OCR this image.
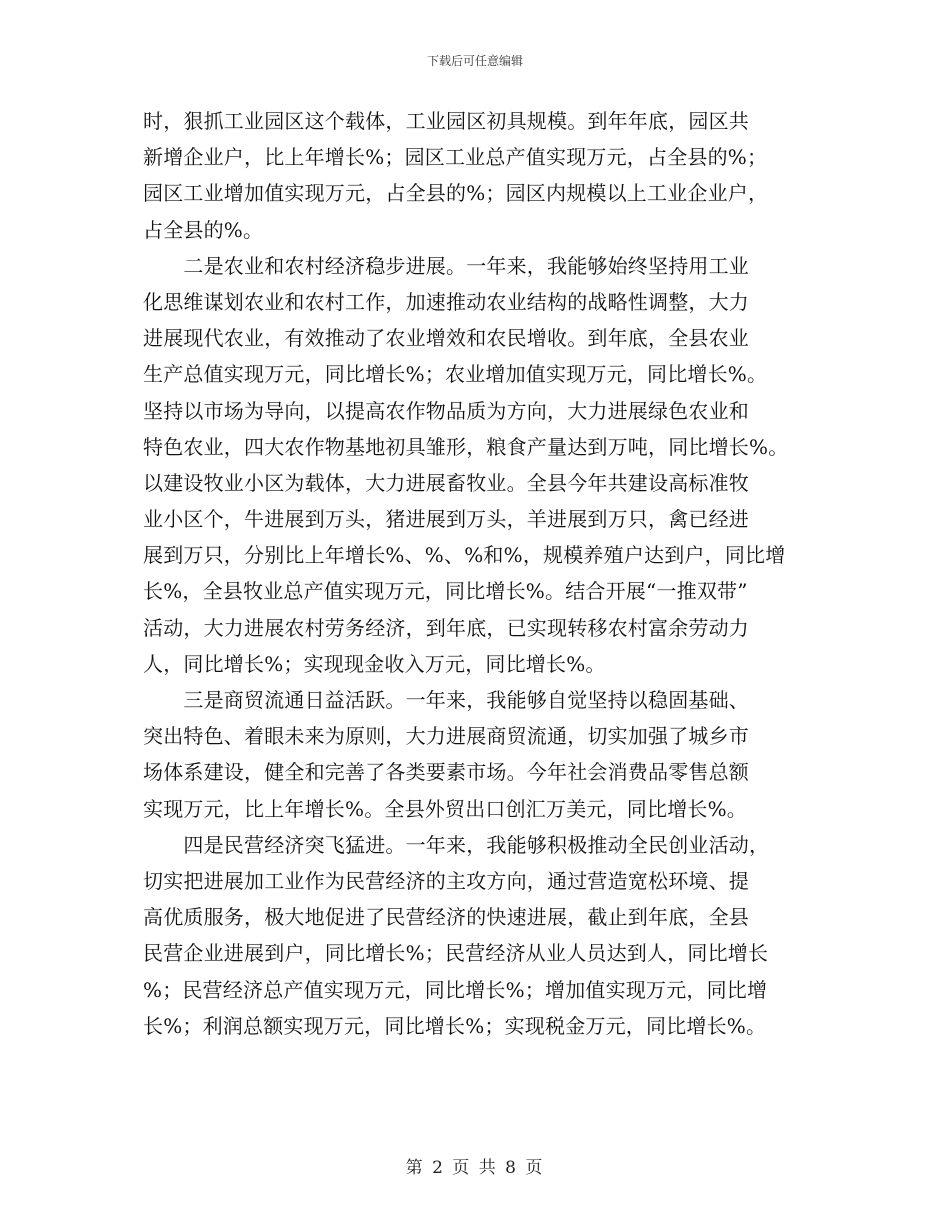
下载后可任意编辑
时，狠抓工业园区这个载体，工业园区初具规模。到年年底，园区共
新增企业户，比上年增长%；园区工业总产值实现万元，占全县的%；
园区工业增加值实现万元，占全县的%；园区内规模以上工业企业户，
占全县的%。
　　二是农业和农村经济稳步进展。一年来，我能够始终坚持用工业
化思维谋划农业和农村工作，加速推动农业结构的战略性调整，大力
进展现代农业，有效推动了农业增效和农民增收。到年底，全县农业
生产总值实现万元，同比增长%；农业增加值实现万元，同比增长%。
坚持以市场为导向，以提高农作物品质为方向，大力进展绿色农业和
特色农业，四大农作物基地初具雏形，粮食产量达到万吨，同比增长%。
以建设牧业小区为载体，大力进展畜牧业。全县今年共建设高标准牧
业小区个，牛进展到万头，猪进展到万头，羊进展到万只，禽已经进
展到万只，分别比上年增长%、%、%和%，规模养殖户达到户，同比增
长%，全县牧业总产值实现万元，同比增长%。结合开展“一推双带”
活动，大力进展农村劳务经济，到年底，已实现转移农村富余劳动力
人，同比增长%；实现现金收入万元，同比增长%。
　　三是商贸流通日益活跃。一年来，我能够自觉坚持以稳固基础、
突出特色、着眼未来为原则，大力进展商贸流通，切实加强了城乡市
场体系建设，健全和完善了各类要素市场。今年社会消费品零售总额
实现万元，比上年增长%。全县外贸出口创汇万美元，同比增长%。
　　四是民营经济突飞猛进。一年来，我能够积极推动全民创业活动，
切实把进展加工业作为民营经济的主攻方向，通过营造宽松环境、提
高优质服务，极大地促进了民营经济的快速进展，截止到年底，全县
民营企业进展到户，同比增长%；民营经济从业人员达到人，同比增长
%；民营经济总产值实现万元，同比增长%；增加值实现万元，同比增
长%；利润总额实现万元，同比增长%；实现税金万元，同比增长%。
第 2 页 共 8 页
